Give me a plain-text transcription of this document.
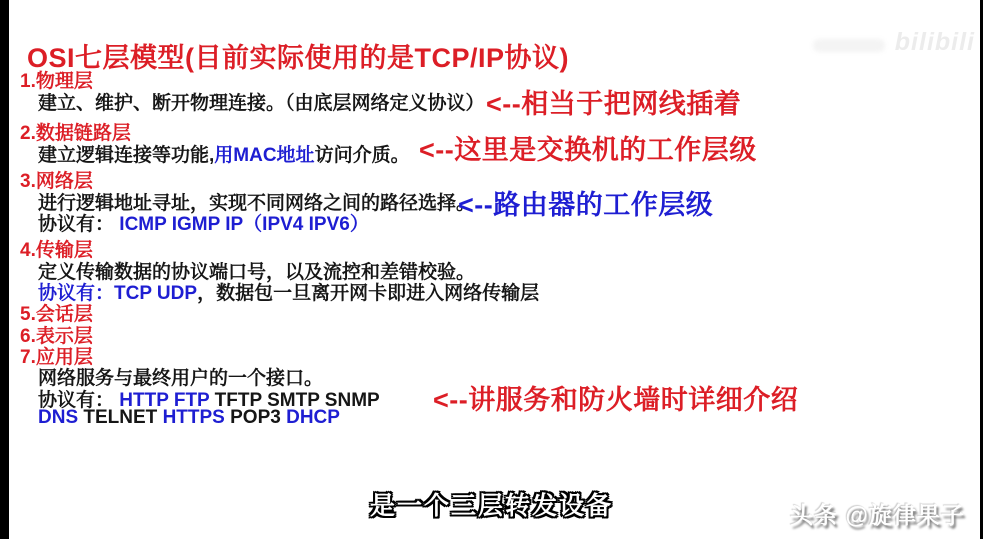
bilibili
OSI七层模型(目前实际使用的是TCP/IP协议)
1.物理层
建立、维护、断开物理连接。（由底层网络定义协议） <--相当于把网线插着
2.数据链路层
建立逻辑连接等功能,用MAC地址访问介质。 <--这里是交换机的工作层级
3.网络层
进行逻辑地址寻址，实现不同网络之间的路径选择。
<--路由器的工作层级
协议有： ICMP IGMP IP（IPV4 IPV6）
4.传输层
定义传输数据的协议端口号，以及流控和差错校验。
协议有：TCP UDP，数据包一旦离开网卡即进入网络传输层
5.会话层
6.表示层
7.应用层
网络服务与最终用户的一个接口。
协议有： HTTP FTP TFTP SMTP SNMP <--讲服务和防火墙时详细介绍
DNS TELNET HTTPS POP3 DHCP
是一个三层转发设备	头条 @旋律果子
